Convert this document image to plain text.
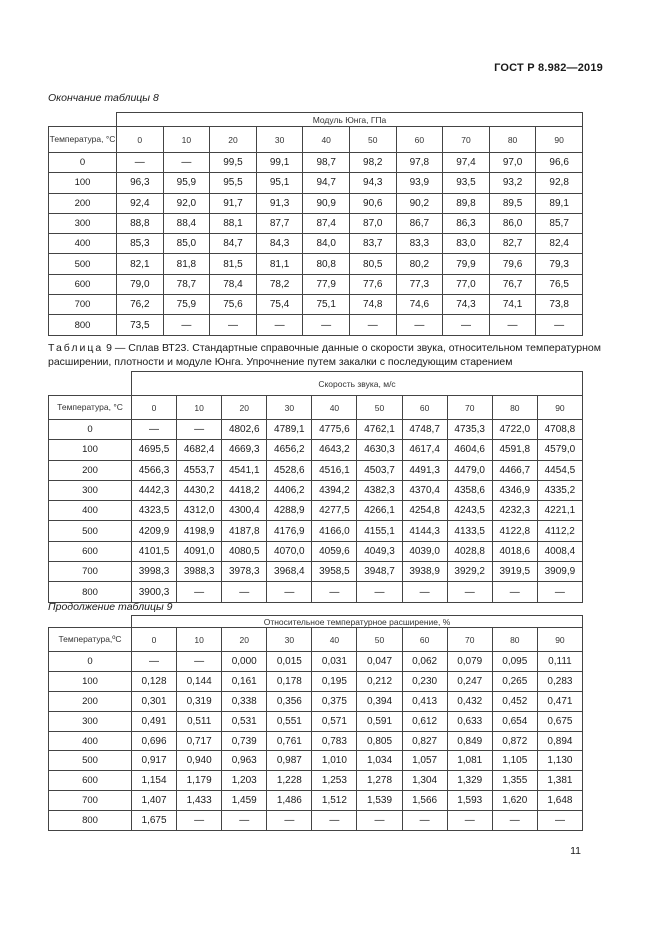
ГОСТ Р 8.982—2019
Окончание таблицы 8
	Модуль Юнга, ГПа									
Температура, °C	0	10	20	30	40	50	60	70	80	90
0	—	—	99,5	99,1	98,7	98,2	97,8	97,4	97,0	96,6
100	96,3	95,9	95,5	95,1	94,7	94,3	93,9	93,5	93,2	92,8
200	92,4	92,0	91,7	91,3	90,9	90,6	90,2	89,8	89,5	89,1
300	88,8	88,4	88,1	87,7	87,4	87,0	86,7	86,3	86,0	85,7
400	85,3	85,0	84,7	84,3	84,0	83,7	83,3	83,0	82,7	82,4
500	82,1	81,8	81,5	81,1	80,8	80,5	80,2	79,9	79,6	79,3
600	79,0	78,7	78,4	78,2	77,9	77,6	77,3	77,0	76,7	76,5
700	76,2	75,9	75,6	75,4	75,1	74,8	74,6	74,3	74,1	73,8
800	73,5	—	—	—	—	—	—	—	—	—
Таблица 9 — Сплав ВТ23. Стандартные справочные данные о скорости звука, относительном температурном расширении, плотности и модуле Юнга. Упрочнение путем закалки с последующим старением
	Скорость звука, м/с									
Температура, °C	0	10	20	30	40	50	60	70	80	90
0	—	—	4802,6	4789,1	4775,6	4762,1	4748,7	4735,3	4722,0	4708,8
100	4695,5	4682,4	4669,3	4656,2	4643,2	4630,3	4617,4	4604,6	4591,8	4579,0
200	4566,3	4553,7	4541,1	4528,6	4516,1	4503,7	4491,3	4479,0	4466,7	4454,5
300	4442,3	4430,2	4418,2	4406,2	4394,2	4382,3	4370,4	4358,6	4346,9	4335,2
400	4323,5	4312,0	4300,4	4288,9	4277,5	4266,1	4254,8	4243,5	4232,3	4221,1
500	4209,9	4198,9	4187,8	4176,9	4166,0	4155,1	4144,3	4133,5	4122,8	4112,2
600	4101,5	4091,0	4080,5	4070,0	4059,6	4049,3	4039,0	4028,8	4018,6	4008,4
700	3998,3	3988,3	3978,3	3968,4	3958,5	3948,7	3938,9	3929,2	3919,5	3909,9
800	3900,3	—	—	—	—	—	—	—	—	—
Продолжение таблицы 9
	Относительное температурное расширение, %									
Температура,ºC	0	10	20	30	40	50	60	70	80	90
0	—	—	0,000	0,015	0,031	0,047	0,062	0,079	0,095	0,111
100	0,128	0,144	0,161	0,178	0,195	0,212	0,230	0,247	0,265	0,283
200	0,301	0,319	0,338	0,356	0,375	0,394	0,413	0,432	0,452	0,471
300	0,491	0,511	0,531	0,551	0,571	0,591	0,612	0,633	0,654	0,675
400	0,696	0,717	0,739	0,761	0,783	0,805	0,827	0,849	0,872	0,894
500	0,917	0,940	0,963	0,987	1,010	1,034	1,057	1,081	1,105	1,130
600	1,154	1,179	1,203	1,228	1,253	1,278	1,304	1,329	1,355	1,381
700	1,407	1,433	1,459	1,486	1,512	1,539	1,566	1,593	1,620	1,648
800	1,675	—	—	—	—	—	—	—	—	—
11
